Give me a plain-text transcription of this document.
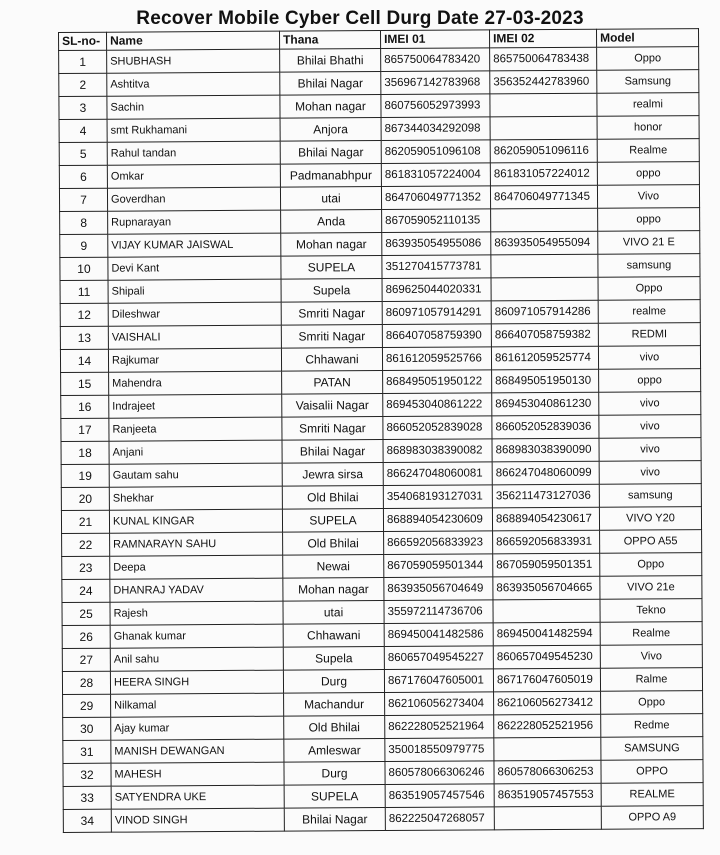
Recover Mobile Cyber Cell Durg Date 27-03-2023
SL-no-	Name	Thana	IMEI 01	IMEI 02	Model
1	SHUBHASH	Bhilai Bhathi	865750064783420	865750064783438	Oppo
2	Ashtitva	Bhilai Nagar	356967142783968	356352442783960	Samsung
3	Sachin	Mohan nagar	860756052973993		realmi
4	smt Rukhamani	Anjora	867344034292098		honor
5	Rahul tandan	Bhilai Nagar	862059051096108	862059051096116	Realme
6	Omkar	Padmanabhpur	861831057224004	861831057224012	oppo
7	Goverdhan	utai	864706049771352	864706049771345	Vivo
8	Rupnarayan	Anda	867059052110135		oppo
9	VIJAY KUMAR JAISWAL	Mohan nagar	863935054955086	863935054955094	VIVO 21 E
10	Devi Kant	SUPELA	351270415773781		samsung
11	Shipali	Supela	869625044020331		Oppo
12	Dileshwar	Smriti Nagar	860971057914291	860971057914286	realme
13	VAISHALI	Smriti Nagar	866407058759390	866407058759382	REDMI
14	Rajkumar	Chhawani	861612059525766	861612059525774	vivo
15	Mahendra	PATAN	868495051950122	868495051950130	oppo
16	Indrajeet	Vaisalii Nagar	869453040861222	869453040861230	vivo
17	Ranjeeta	Smriti Nagar	866052052839028	866052052839036	vivo
18	Anjani	Bhilai Nagar	868983038390082	868983038390090	vivo
19	Gautam sahu	Jewra sirsa	866247048060081	866247048060099	vivo
20	Shekhar	Old Bhilai	354068193127031	356211473127036	samsung
21	KUNAL KINGAR	SUPELA	868894054230609	868894054230617	VIVO Y20
22	RAMNARAYN SAHU	Old Bhilai	866592056833923	866592056833931	OPPO A55
23	Deepa	Newai	867059059501344	867059059501351	Oppo
24	DHANRAJ YADAV	Mohan nagar	863935056704649	863935056704665	VIVO 21e
25	Rajesh	utai	355972114736706		Tekno
26	Ghanak kumar	Chhawani	869450041482586	869450041482594	Realme
27	Anil sahu	Supela	860657049545227	860657049545230	Vivo
28	HEERA SINGH	Durg	867176047605001	867176047605019	Ralme
29	Nilkamal	Machandur	862106056273404	862106056273412	Oppo
30	Ajay kumar	Old Bhilai	862228052521964	862228052521956	Redme
31	MANISH DEWANGAN	Amleswar	350018550979775		SAMSUNG
32	MAHESH	Durg	860578066306246	860578066306253	OPPO
33	SATYENDRA UKE	SUPELA	863519057457546	863519057457553	REALME
34	VINOD SINGH	Bhilai Nagar	862225047268057		OPPO A9
